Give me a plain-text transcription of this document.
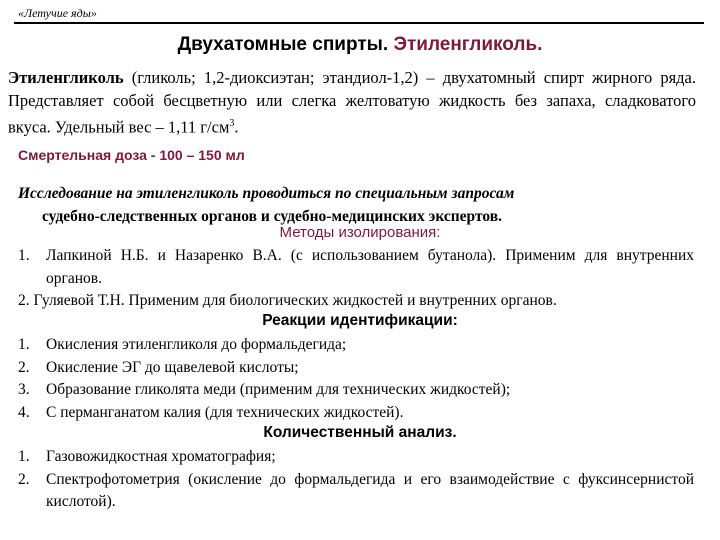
«Летучие яды»
Двухатомные спирты. Этиленгликоль.
Этиленгликоль (гликоль; 1,2-диоксиэтан; этандиол-1,2) – двухатомный спирт жирного ряда. Представляет собой бесцветную или слегка желтоватую жидкость без запаха, сладковатого вкуса. Удельный вес – 1,11 $г/см^3$.
Смертельная доза - 100 – 150 мл
Исследование на этиленгликоль проводиться по специальным запросам
судебно-следственных органов и судебно-медицинских экспертов.
Методы изолирования:
1.	Лапкиной Н.Б. и Назаренко В.А. (с использованием бутанола). Применим для внутренних органов.
2. Гуляевой Т.Н. Применим для биологических жидкостей и внутренних органов.
Реакции идентификации:
1.	Окисления этиленгликоля до формальдегида;
2.	Окисление ЭГ до щавелевой кислоты;
3.	Образование гликолята меди (применим для технических жидкостей);
4.	С перманганатом калия (для технических жидкостей).
Количественный анализ.
1.	Газовожидкостная хроматография;
2.	Спектрофотометрия (окисление до формальдегида и его взаимодействие с фуксинсернистой кислотой).
